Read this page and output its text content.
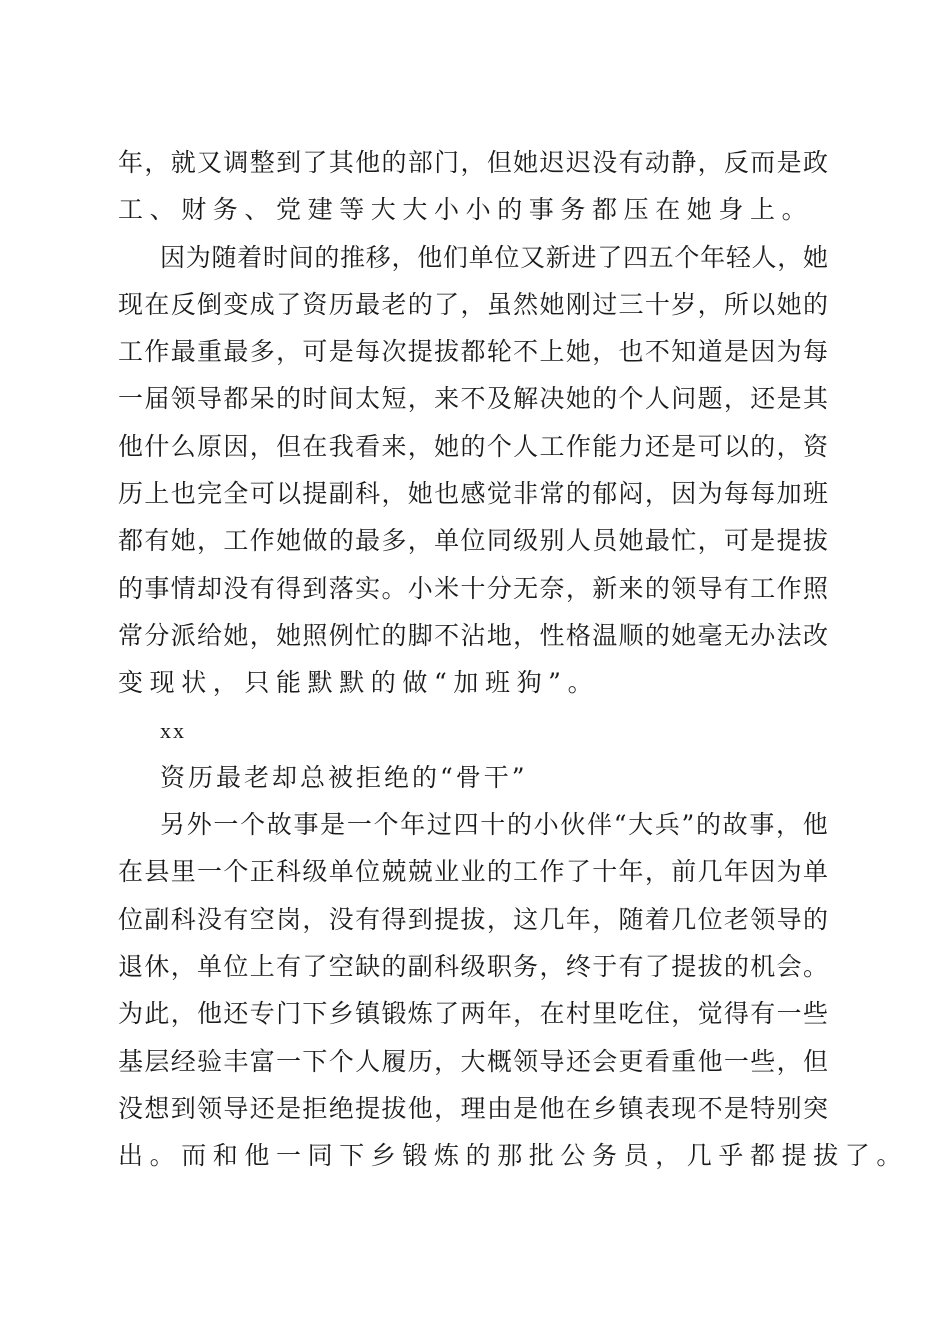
年 ， 就 又 调 整 到 了 其 他 的 部 门 ， 但 她 迟 迟 没 有 动 静 ， 反 而 是 政
工、财务、党建等大大小小的事务都压在她身上。
因 为 随 着 时 间 的 推 移 ， 他 们 单 位 又 新 进 了 四 五 个 年 轻 人 ， 她
现 在 反 倒 变 成 了 资 历 最 老 的 了 ， 虽 然 她 刚 过 三 十 岁 ， 所 以 她 的
工 作 最 重 最 多 ， 可 是 每 次 提 拔 都 轮 不 上 她 ， 也 不 知 道 是 因 为 每
一 届 领 导 都 呆 的 时 间 太 短 ， 来 不 及 解 决 她 的 个 人 问 题 ， 还 是 其
他 什 么 原 因 ， 但 在 我 看 来 ， 她 的 个 人 工 作 能 力 还 是 可 以 的 ， 资
历 上 也 完 全 可 以 提 副 科 ， 她 也 感 觉 非 常 的 郁 闷 ， 因 为 每 每 加 班
都 有 她 ， 工 作 她 做 的 最 多 ， 单 位 同 级 别 人 员 她 最 忙 ， 可 是 提 拔
的 事 情 却 没 有 得 到 落 实 。 小 米 十 分 无 奈 ， 新 来 的 领 导 有 工 作 照
常 分 派 给 她 ， 她 照 例 忙 的 脚 不 沾 地 ， 性 格 温 顺 的 她 毫 无 办 法 改
变现状，只能默默的做“加班狗”。
xx
资历最老却总被拒绝的“骨干”
另 外 一 个 故 事 是 一 个 年 过 四 十 的 小 伙 伴 “ 大 兵 ” 的 故 事 ， 他
在 县 里 一 个 正 科 级 单 位 兢 兢 业 业 的 工 作 了 十 年 ， 前 几 年 因 为 单
位 副 科 没 有 空 岗 ， 没 有 得 到 提 拔 ， 这 几 年 ， 随 着 几 位 老 领 导 的
退 休 ， 单 位 上 有 了 空 缺 的 副 科 级 职 务 ， 终 于 有 了 提 拔 的 机 会 。
为 此 ， 他 还 专 门 下 乡 镇 锻 炼 了 两 年 ， 在 村 里 吃 住 ， 觉 得 有 一 些
基 层 经 验 丰 富 一 下 个 人 履 历 ， 大 概 领 导 还 会 更 看 重 他 一 些 ， 但
没 想 到 领 导 还 是 拒 绝 提 拔 他 ， 理 由 是 他 在 乡 镇 表 现 不 是 特 别 突
出。而和他一同下乡锻炼的那批公务员，几乎都提拔了。
